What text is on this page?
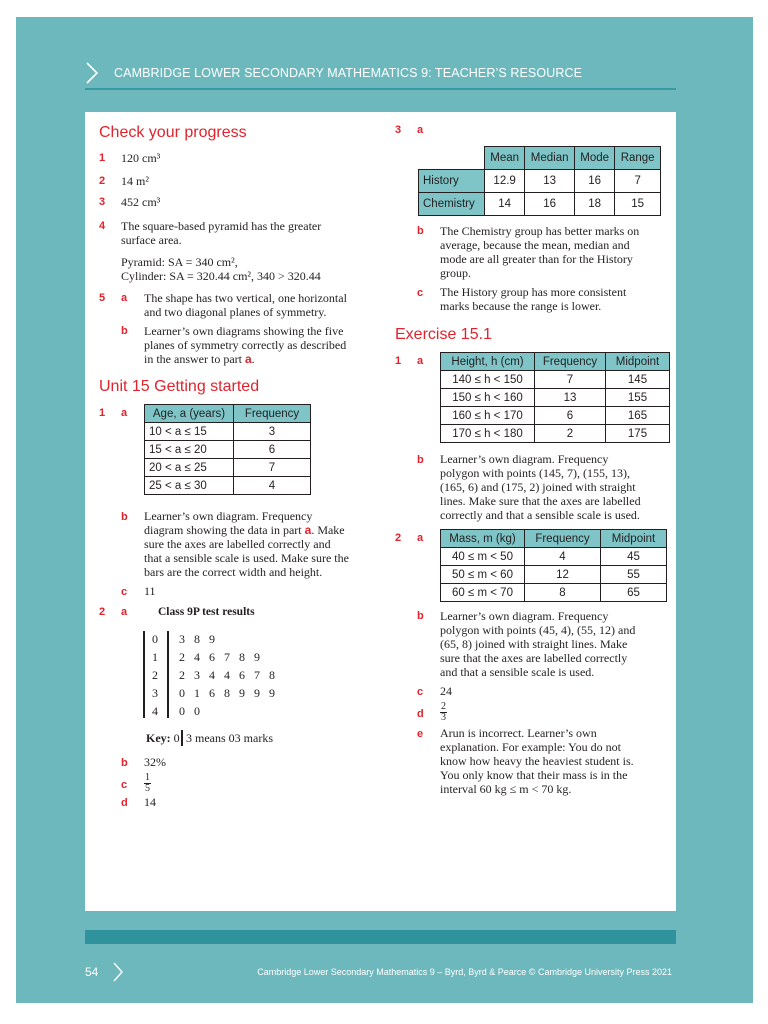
CAMBRIDGE LOWER SECONDARY MATHEMATICS 9: TEACHER’S RESOURCE
Check your progress
1 120 cm³
2 14 m²
3 452 cm³
4 The square-based pyramid has the greater
surface area.
Pyramid: SA = 340 cm²,
Cylinder: SA = 320.44 cm², 340 > 320.44
5 a The shape has two vertical, one horizontal
and two diagonal planes of symmetry.
b Learner’s own diagrams showing the five
planes of symmetry correctly as described
in the answer to part a.
Unit 15 Getting started
1 a Age, a (years)	Frequency
10 < a ≤ 15	3
15 < a ≤ 20	6
20 < a ≤ 25	7
25 < a ≤ 30	4
b Learner’s own diagram. Frequency
diagram showing the data in part a. Make
sure the axes are labelled correctly and
that a sensible scale is used. Make sure the
bars are the correct width and height.
c 11
2 a	Class 9P test results
0 3 8 9
1 2 4 6 7 8 9
2 2 3 4 4 6 7 8
3 0 1 6 8 9 9 9
4 0 0
Key: 0 3 means 03 marks
b 32%
c $\frac{1}{5}$
d 14
3 a
	Mean	Median	Mode	Range
History	12.9	13	16	7
Chemistry	14	16	18	15
b The Chemistry group has better marks on
average, because the mean, median and
mode are all greater than for the History
group.
c The History group has more consistent
marks because the range is lower.
Exercise 15.1
1 a Height, h (cm)	Frequency	Midpoint
140 ≤ h < 150	7	145
150 ≤ h < 160	13	155
160 ≤ h < 170	6	165
170 ≤ h < 180	2	175
b Learner’s own diagram. Frequency
polygon with points (145, 7), (155, 13),
(165, 6) and (175, 2) joined with straight
lines. Make sure that the axes are labelled
correctly and that a sensible scale is used.
2 a Mass, m (kg)	Frequency	Midpoint
40 ≤ m < 50	4	45
50 ≤ m < 60	12	55
60 ≤ m < 70	8	65
b Learner’s own diagram. Frequency
polygon with points (45, 4), (55, 12) and
(65, 8) joined with straight lines. Make
sure that the axes are labelled correctly
and that a sensible scale is used.
c 24
d $\frac{2}{3}$
e Arun is incorrect. Learner’s own
explanation. For example: You do not
know how heavy the heaviest student is.
You only know that their mass is in the
interval 60 kg ≤ m < 70 kg.
54	Cambridge Lower Secondary Mathematics 9 – Byrd, Byrd & Pearce © Cambridge University Press 2021
